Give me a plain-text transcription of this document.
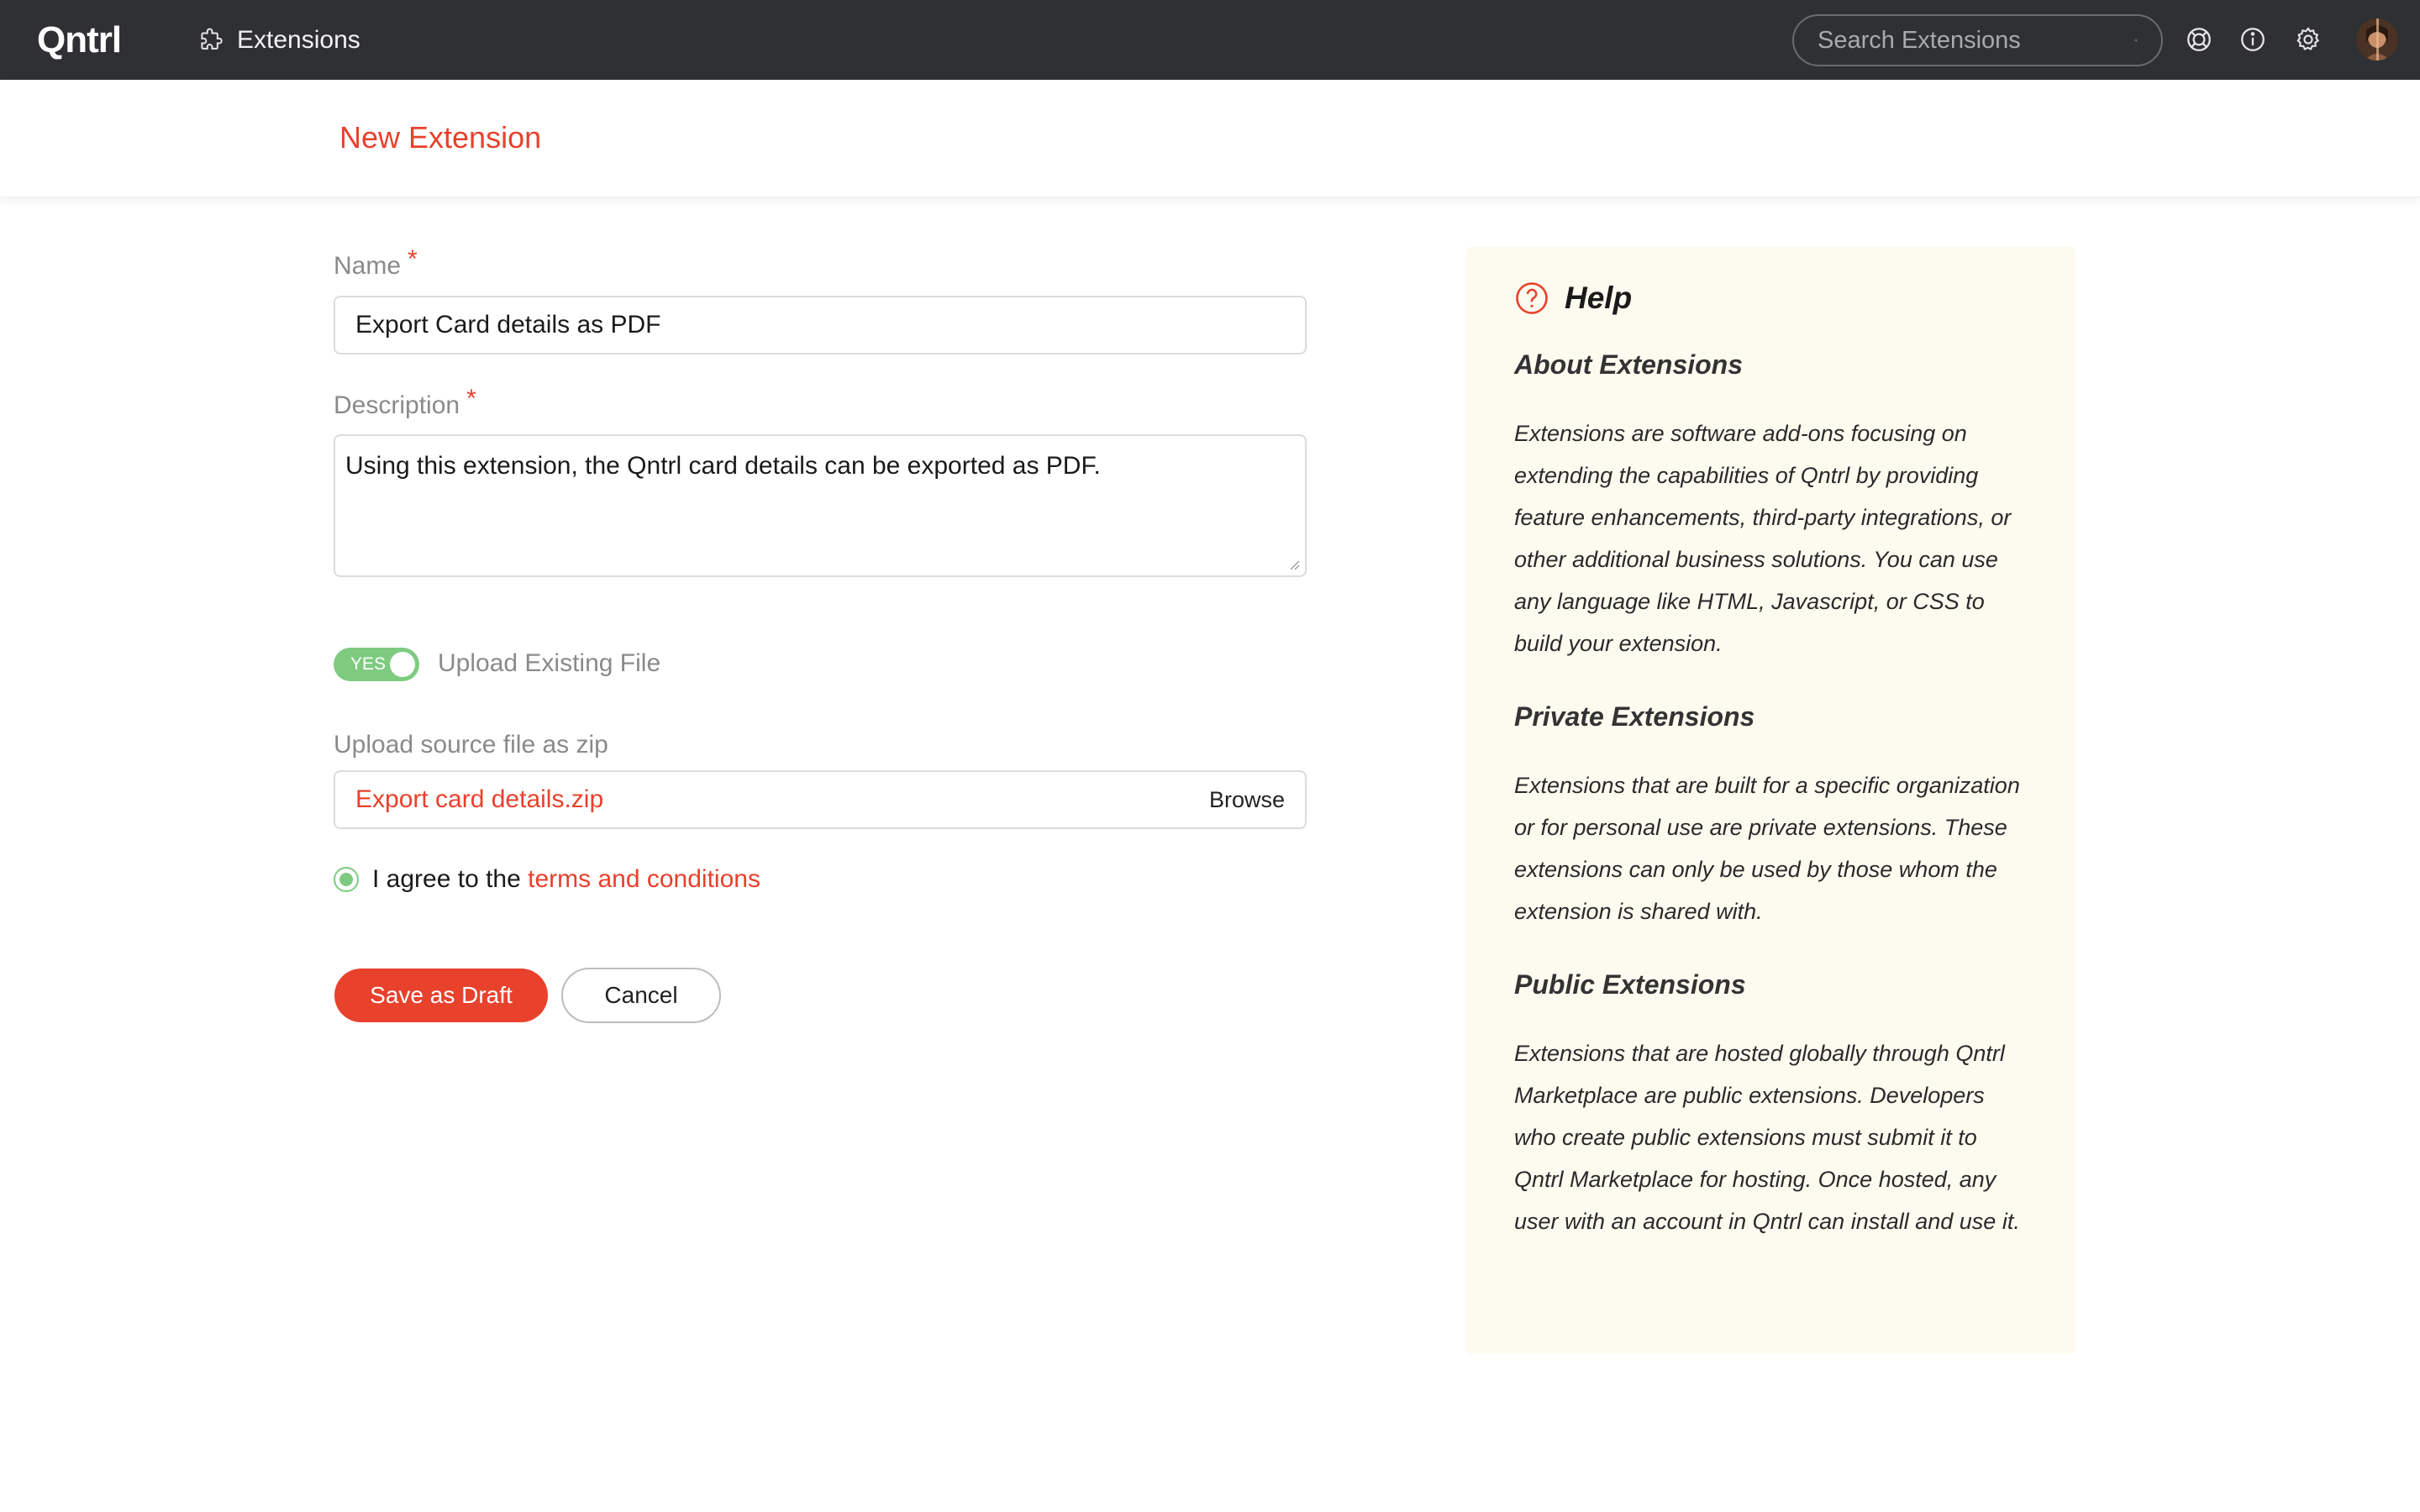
Qntrl	Extensions
Search Extensions
New Extension
Name *
Export Card details as PDF
Description *
Using this extension, the Qntrl card details can be exported as PDF.
YES Upload Existing File
Upload source file as zip
Export card details.zip	Browse
I agree to the terms and conditions
Save as Draft	Cancel
Help
About Extensions

Extensions are software add-ons focusing on extending the capabilities of Qntrl by providing feature enhancements, third-party integrations, or other additional business solutions. You can use any language like HTML, Javascript, or CSS to build your extension.

Private Extensions

Extensions that are built for a specific organization or for personal use are private extensions. These extensions can only be used by those whom the extension is shared with.

Public Extensions

Extensions that are hosted globally through Qntrl Marketplace are public extensions. Developers who create public extensions must submit it to Qntrl Marketplace for hosting. Once hosted, any user with an account in Qntrl can install and use it.
